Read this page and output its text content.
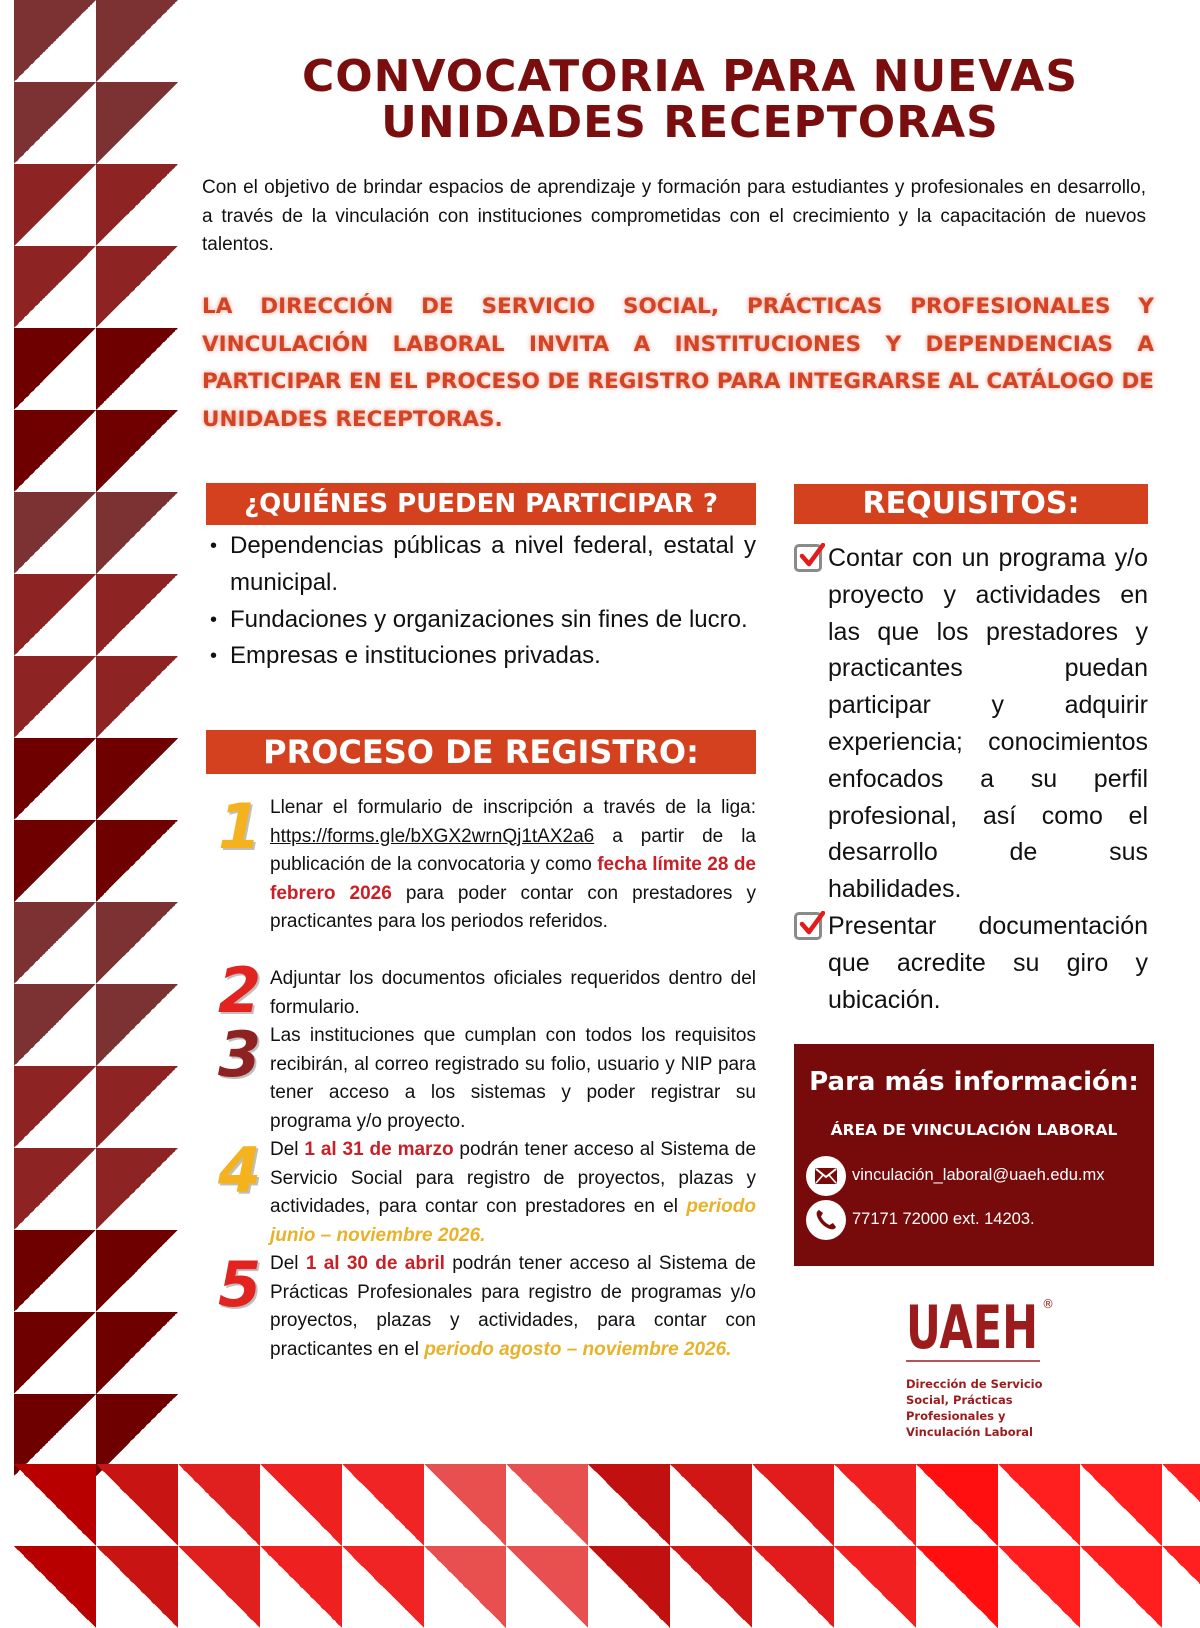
CONVOCATORIA PARA NUEVAS
UNIDADES RECEPTORAS

Con el objetivo de brindar espacios de aprendizaje y formación para estudiantes y profesionales en desarrollo, a través de la vinculación con instituciones comprometidas con el crecimiento y la capacitación de nuevos talentos.

LA DIRECCIÓN DE SERVICIO SOCIAL, PRÁCTICAS PROFESIONALES Y VINCULACIÓN LABORAL INVITA A INSTITUCIONES Y DEPENDENCIAS A PARTICIPAR EN EL PROCESO DE REGISTRO PARA INTEGRARSE AL CATÁLOGO DE UNIDADES RECEPTORAS.

¿QUIÉNES PUEDEN PARTICIPAR ?
• Dependencias públicas a nivel federal, estatal y municipal.
• Fundaciones y organizaciones sin fines de lucro.
• Empresas e instituciones privadas.
PROCESO DE REGISTRO:
1 Llenar el formulario de inscripción a través de la liga: https://forms.gle/bXGX2wrnQj1tAX2a6 a partir de la publicación de la convocatoria y como fecha límite 28 de febrero 2026 para poder contar con prestadores y practicantes para los periodos referidos.
2 Adjuntar los documentos oficiales requeridos dentro del formulario.
3 Las instituciones que cumplan con todos los requisitos recibirán, al correo registrado su folio, usuario y NIP para tener acceso a los sistemas y poder registrar su programa y/o proyecto.
4 Del 1 al 31 de marzo podrán tener acceso al Sistema de Servicio Social para registro de proyectos, plazas y actividades, para contar con prestadores en el periodo junio – noviembre 2026.
5 Del 1 al 30 de abril podrán tener acceso al Sistema de Prácticas Profesionales para registro de programas y/o proyectos, plazas y actividades, para contar con practicantes en el periodo agosto – noviembre 2026.
REQUISITOS:

Contar con un programa y/o proyecto y actividades en las que los prestadores y practicantes puedan participar y adquirir experiencia; conocimientos enfocados a su perfil profesional, así como el desarrollo de sus habilidades.

Presentar documentación que acredite su giro y ubicación.

Para más información:
ÁREA DE VINCULACIÓN LABORAL
vinculación_laboral@uaeh.edu.mx
77171 72000 ext. 14203.
UAEH ®
Dirección de Servicio
Social, Prácticas
Profesionales y
Vinculación Laboral
